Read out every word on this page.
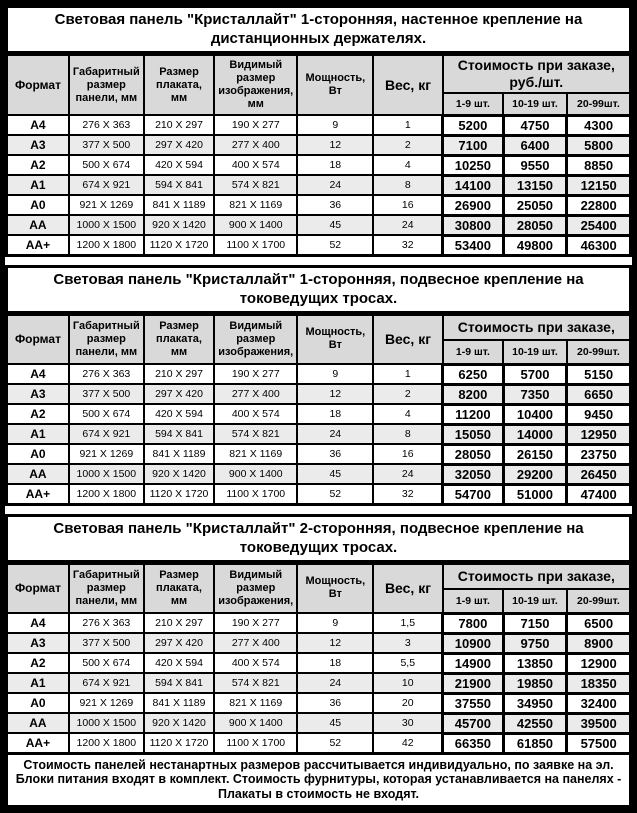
Световая панель "Кристаллайт" 1-сторонняя, настенное крепление на
дистанционных держателях.
Формат	Габаритный размер панели, мм	Размер плаката, мм	Видимый размер изображения, мм	Мощность, Вт	Вес, кг	Стоимость при заказе,
руб./шт.		

						1-9 шт.	10-19 шт.	20-99шт.
A4	276 X 363	210 X 297	190 X 277	9	1	5200	4750	4300
A3	377 X 500	297 X 420	277 X 400	12	2	7100	6400	5800
A2	500 X 674	420 X 594	400 X 574	18	4	10250	9550	8850
A1	674 X 921	594 X 841	574 X 821	24	8	14100	13150	12150
A0	921 X 1269	841 X 1189	821 X 1169	36	16	26900	25050	22800
AA	1000 X 1500	920 X 1420	900 X 1400	45	24	30800	28050	25400
AA+	1200 X 1800	1120 X 1720	1100 X 1700	52	32	53400	49800	46300
Световая панель "Кристаллайт" 1-сторонняя, подвесное крепление на
токоведущих тросах.
Формат	Габаритный размер панели, мм	Размер плаката, мм	Видимый размер изображения,	Мощность, Вт	Вес, кг	Стоимость при заказе,		

						1-9 шт.	10-19 шт.	20-99шт.
A4	276 X 363	210 X 297	190 X 277	9	1	6250	5700	5150
A3	377 X 500	297 X 420	277 X 400	12	2	8200	7350	6650
A2	500 X 674	420 X 594	400 X 574	18	4	11200	10400	9450
A1	674 X 921	594 X 841	574 X 821	24	8	15050	14000	12950
A0	921 X 1269	841 X 1189	821 X 1169	36	16	28050	26150	23750
AA	1000 X 1500	920 X 1420	900 X 1400	45	24	32050	29200	26450
AA+	1200 X 1800	1120 X 1720	1100 X 1700	52	32	54700	51000	47400
Световая панель "Кристаллайт" 2-сторонняя, подвесное крепление на
токоведущих тросах.
Формат	Габаритный размер панели, мм	Размер плаката, мм	Видимый размер изображения,	Мощность, Вт	Вес, кг	Стоимость при заказе,		

						1-9 шт.	10-19 шт.	20-99шт.
A4	276 X 363	210 X 297	190 X 277	9	1,5	7800	7150	6500
A3	377 X 500	297 X 420	277 X 400	12	3	10900	9750	8900
A2	500 X 674	420 X 594	400 X 574	18	5,5	14900	13850	12900
A1	674 X 921	594 X 841	574 X 821	24	10	21900	19850	18350
A0	921 X 1269	841 X 1189	821 X 1169	36	20	37550	34950	32400
AA	1000 X 1500	920 X 1420	900 X 1400	45	30	45700	42550	39500
AA+	1200 X 1800	1120 X 1720	1100 X 1700	52	42	66350	61850	57500
Стоимость панелей нестанартных размеров рассчитывается индивидуально, по заявке на эл.
Блоки питания входят в комплект. Стоимость фурнитуры, которая устанавливается на панелях -
Плакаты в стоимость не входят.
